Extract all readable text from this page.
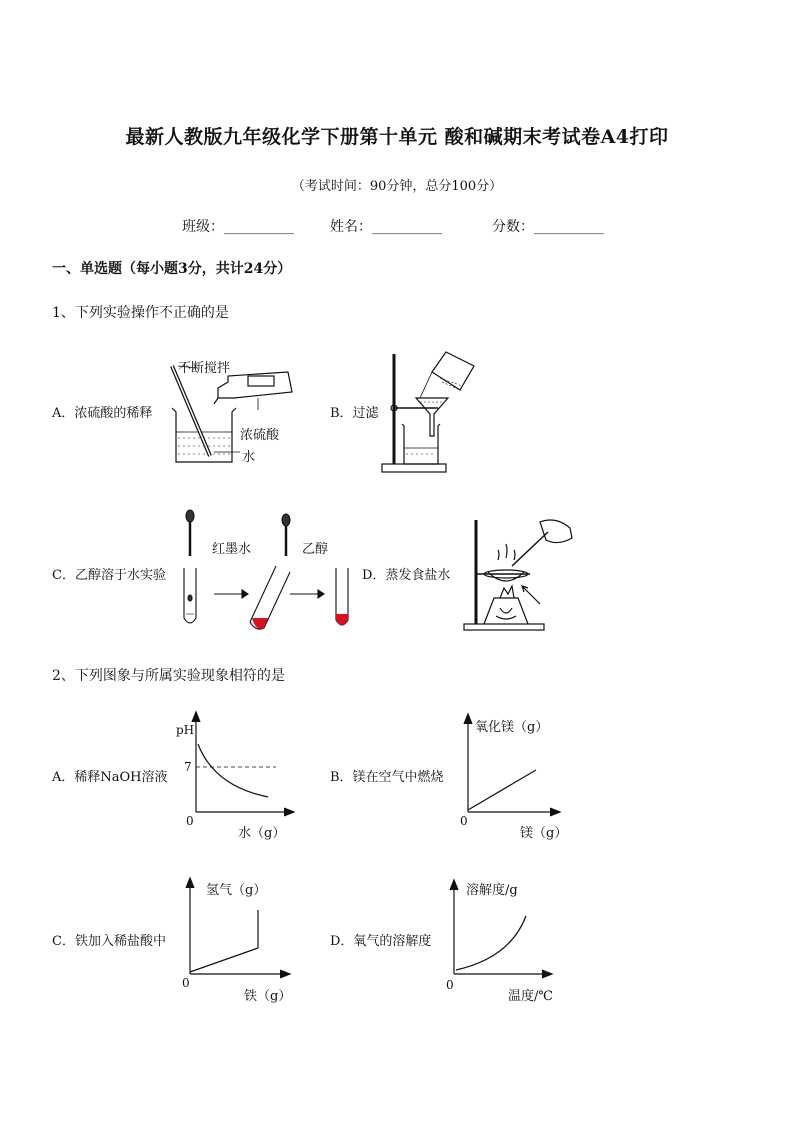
最新人教版九年级化学下册第十单元 酸和碱期末考试卷A4打印
（考试时间：90分钟，总分100分）
班级：__________	姓名：__________	分数：__________
一、单选题（每小题3分，共计24分）
1、下列实验操作不正确的是
A．浓硫酸的稀释	B．过滤
C．乙醇溶于水实验	D．蒸发食盐水
不断搅拌
浓硫酸
水
红墨水	乙醇
2、下列图象与所属实验现象相符的是
A．稀释NaOH溶液	B．镁在空气中燃烧
C．铁加入稀盐酸中	D．氧气的溶解度
pH
7
0
水（g）
氧化镁（g）
0
镁（g）
氢气（g）
0
铁（g）
溶解度/g
0
温度/℃
